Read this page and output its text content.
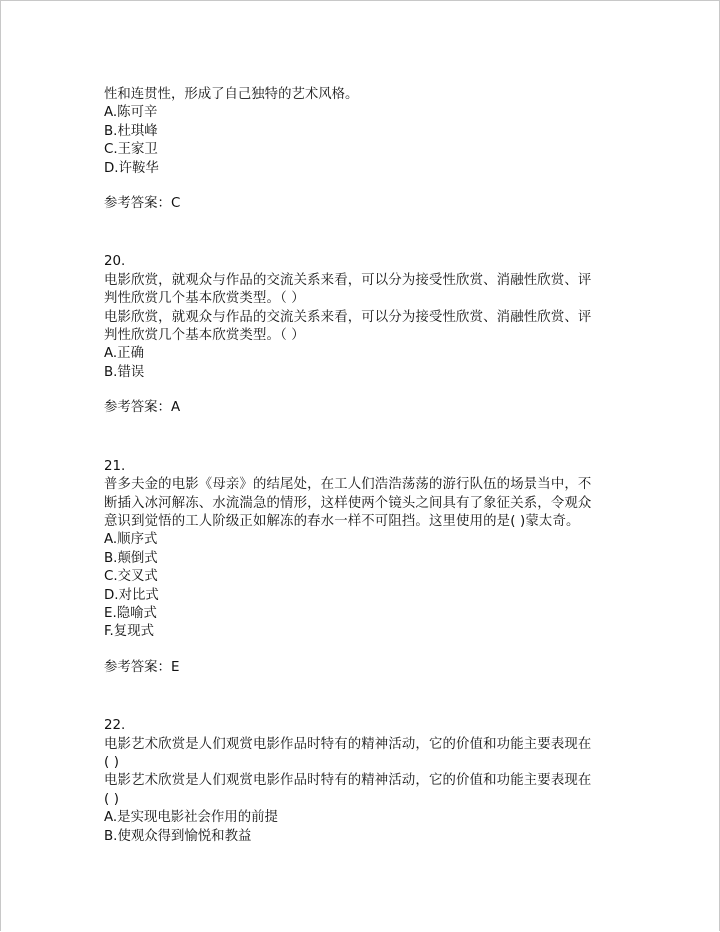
性和连贯性，形成了自己独特的艺术风格。
A.陈可辛
B.杜琪峰
C.王家卫
D.许鞍华
参考答案：C
20.
电影欣赏，就观众与作品的交流关系来看，可以分为接受性欣赏、消融性欣赏、评
判性欣赏几个基本欣赏类型。（ ）
电影欣赏，就观众与作品的交流关系来看，可以分为接受性欣赏、消融性欣赏、评
判性欣赏几个基本欣赏类型。（ ）
A.正确
B.错误
参考答案：A
21.
普多夫金的电影《母亲》的结尾处，在工人们浩浩荡荡的游行队伍的场景当中，不
断插入冰河解冻、水流湍急的情形，这样使两个镜头之间具有了象征关系，令观众
意识到觉悟的工人阶级正如解冻的春水一样不可阻挡。这里使用的是( )蒙太奇。
A.顺序式
B.颠倒式
C.交叉式
D.对比式
E.隐喻式
F.复现式
参考答案：E
22.
电影艺术欣赏是人们观赏电影作品时特有的精神活动，它的价值和功能主要表现在
( )
电影艺术欣赏是人们观赏电影作品时特有的精神活动，它的价值和功能主要表现在
( )
A.是实现电影社会作用的前提
B.使观众得到愉悦和教益
